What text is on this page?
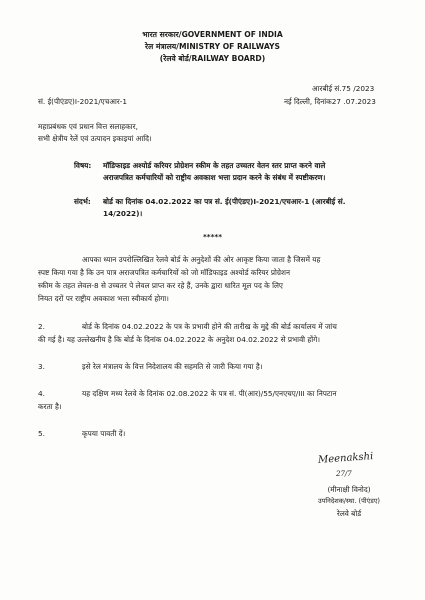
भारत सरकार/GOVERNMENT OF INDIA
रेल मंत्रालय/MINISTRY OF RAILWAYS
(रेलवे बोर्ड/RAILWAY BOARD)
आरबीई सं.75 /2023
सं. ई(पीएंडए)I-2021/एचआर-1	नई दिल्ली, दिनांक27 .07.2023
महाप्रबंधक एवं प्रधान वित्त सलाहकार,
सभी क्षेत्रीय रेलें एवं उत्पादन इकाइयां आदि।
विषय: मॉडिफाइड अश्योर्ड करियर प्रोग्रेशन स्कीम के तहत उच्चतर वेतन स्तर प्राप्त करने वाले
अराजपत्रित कर्मचारियों को राष्ट्रीय अवकाश भत्ता प्रदान करने के संबंध में स्पष्टीकरण।
संदर्भ: बोर्ड का दिनांक 04.02.2022 का पत्र सं. ई(पीएंडए)I-2021/एचआर-1 (आरबीई सं.
14/2022)।
*****
आपका ध्यान उपरोल्लिखित रेलवे बोर्ड के अनुदेशों की ओर आकृष्ट किया जाता है जिसमें यह
स्पष्ट किया गया है कि उन पात्र अराजपत्रित कर्मचारियों को जो मॉडिफाइड अश्योर्ड करियर प्रोग्रेशन
स्कीम के तहत लेवल-8 से उच्चतर पे लेवल प्राप्त कर रहे हैं, उनके द्वारा धारित मूल पद के लिए
नियत दरों पर राष्ट्रीय अवकाश भत्ता स्वीकार्य होगा।
2.	बोर्ड के दिनांक 04.02.2022 के पत्र के प्रभावी होने की तारीख के मुद्दे की बोर्ड कार्यालय में जांच
की गई है। यह उल्लेखनीय है कि बोर्ड के दिनांक 04.02.2022 के अनुदेश 04.02.2022 से प्रभावी होंगे।
3.	इसे रेल मंत्रालय के वित्त निदेशालय की सहमति से जारी किया गया है।
4.	यह दक्षिण मध्य रेलवे के दिनांक 02.08.2022 के पत्र सं. पी(आर)/55/एनएचए/III का निपटान
करता है।
5.	कृपया पावती दें।
Meenakshi
27/7
(मीनाक्षी विनोद)
उपनिदेशक/स्था. (पीएंडए)
रेलवे बोर्ड
